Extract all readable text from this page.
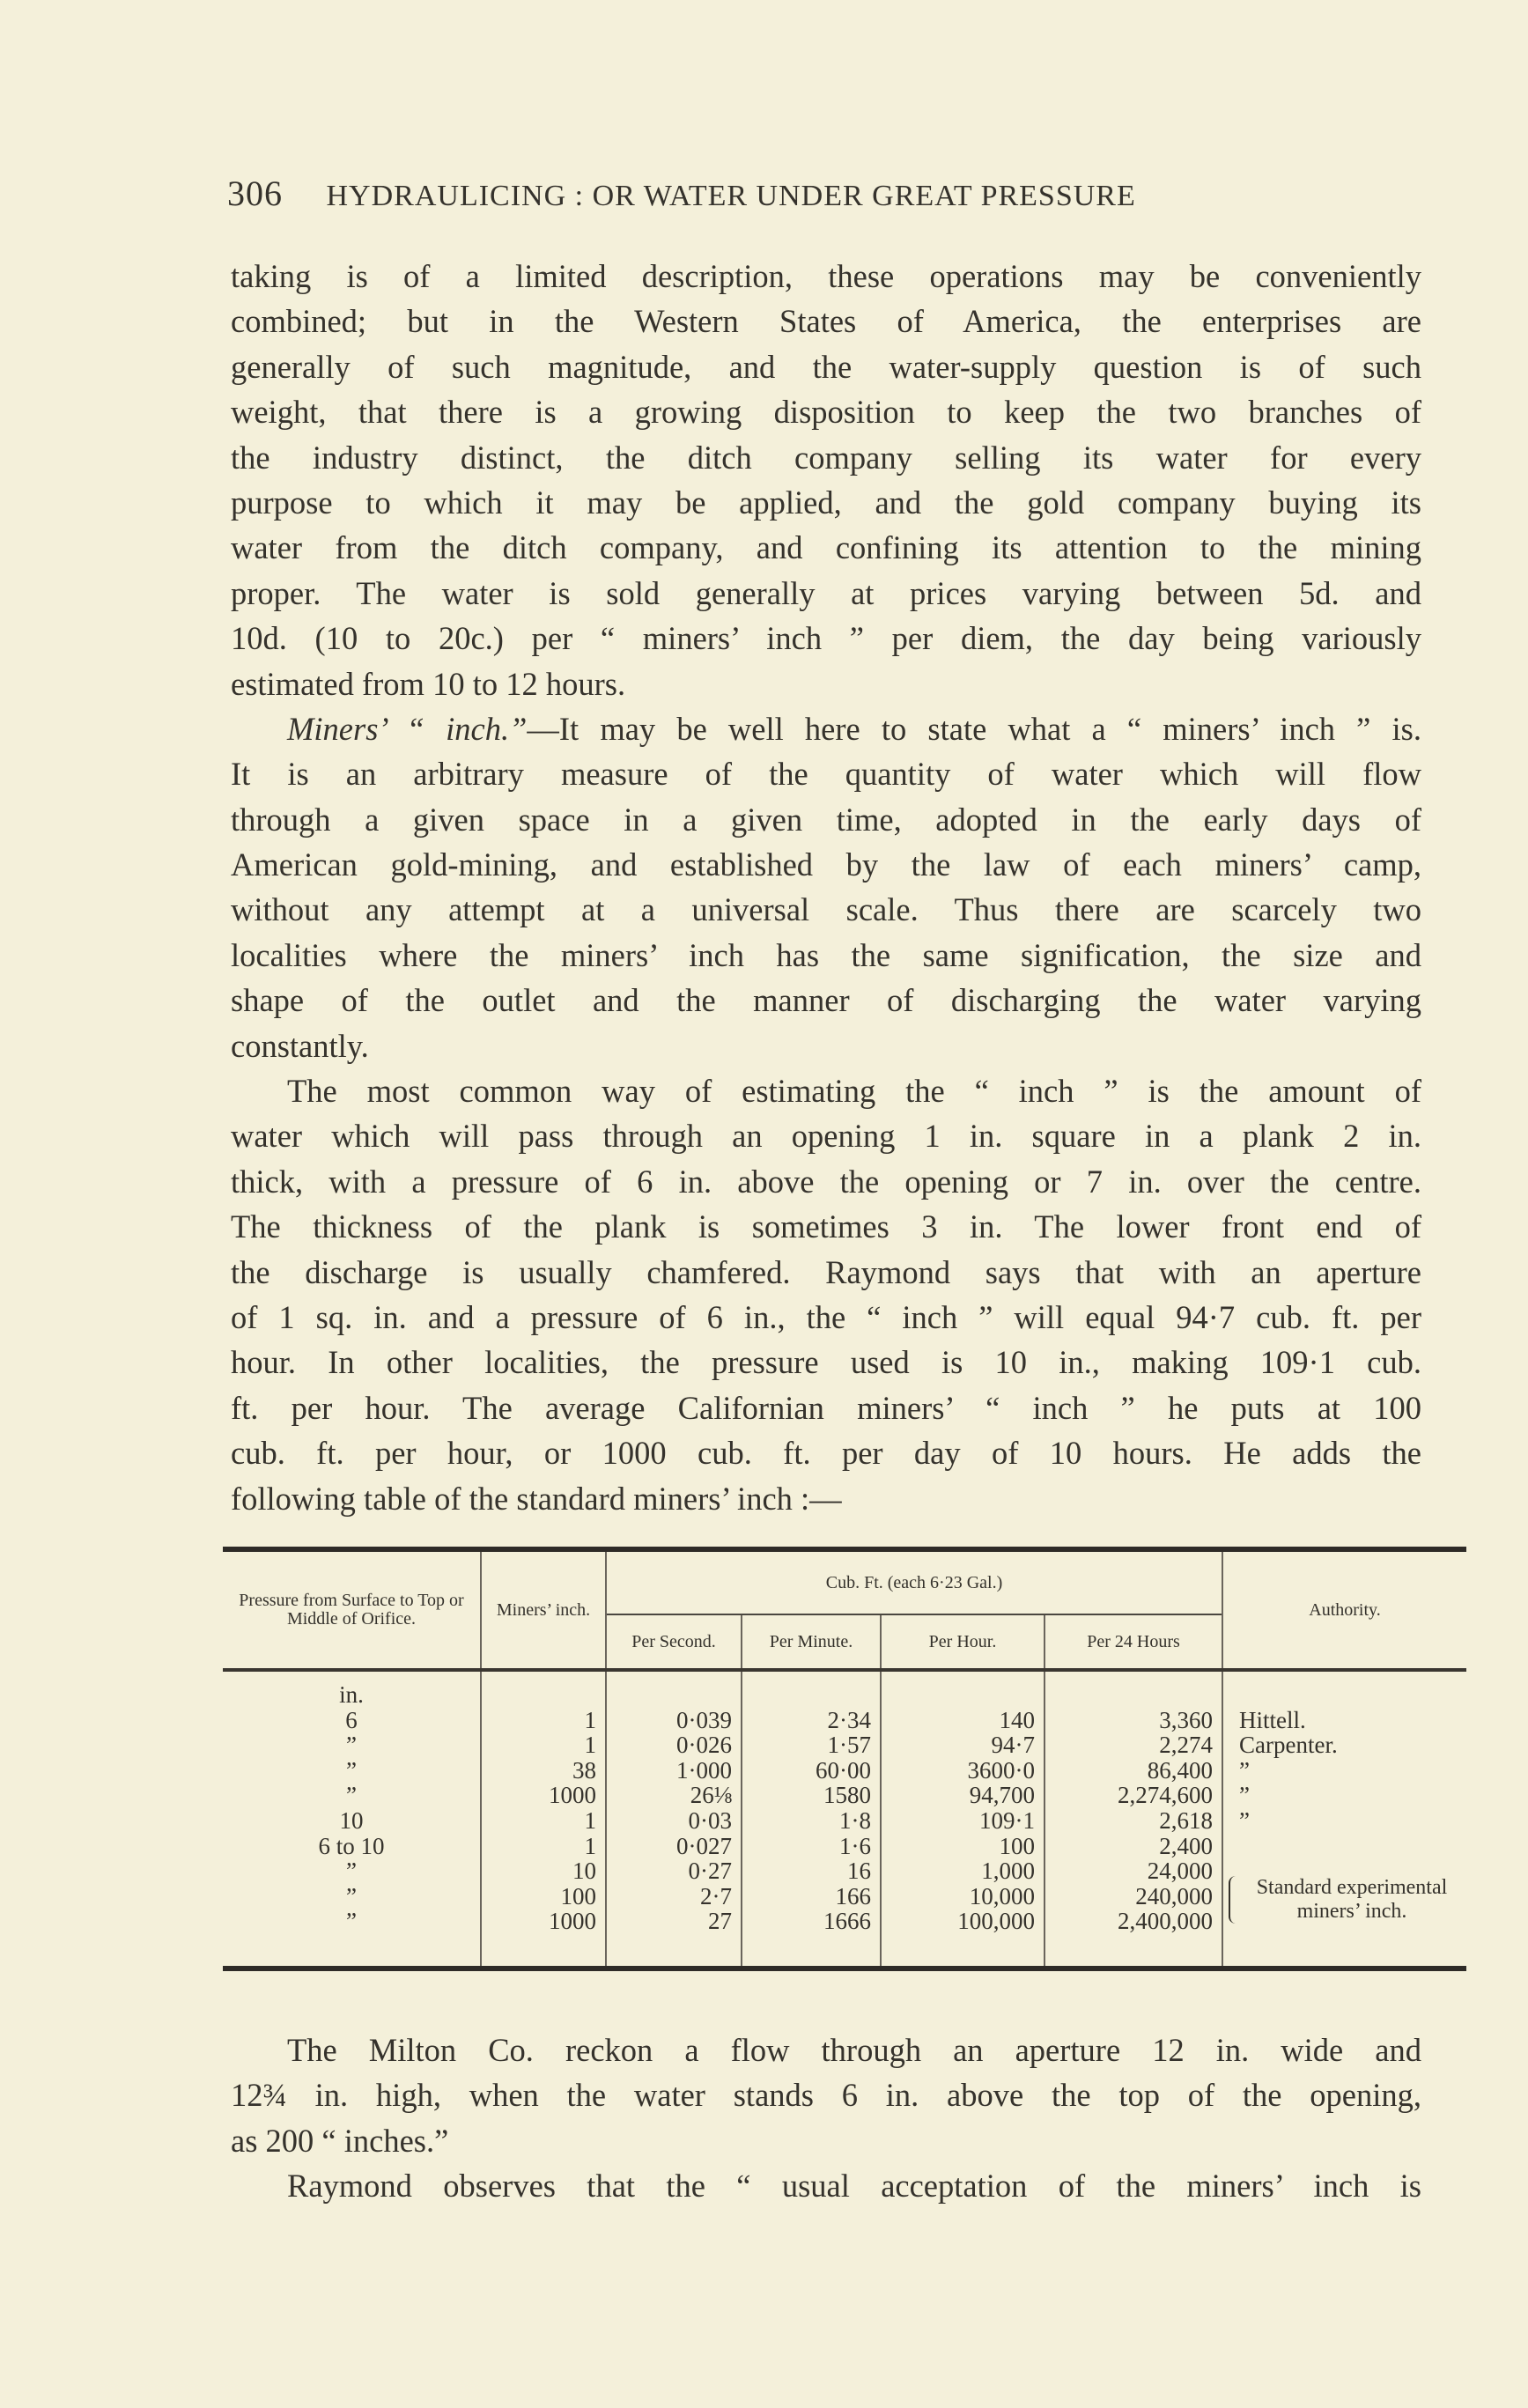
306 HYDRAULICING : OR WATER UNDER GREAT PRESSURE
taking is of a limited description, these operations may be conveniently
combined; but in the Western States of America, the enterprises are
generally of such magnitude, and the water-supply question is of such
weight, that there is a growing disposition to keep the two branches of
the industry distinct, the ditch company selling its water for every
purpose to which it may be applied, and the gold company buying its
water from the ditch company, and confining its attention to the mining
proper. The water is sold generally at prices varying between 5d. and
10d. (10 to 20c.) per “ miners’ inch ” per diem, the day being variously
estimated from 10 to 12 hours.
Miners’ “ inch.”—It may be well here to state what a “ miners’ inch ” is.
It is an arbitrary measure of the quantity of water which will flow
through a given space in a given time, adopted in the early days of
American gold-mining, and established by the law of each miners’ camp,
without any attempt at a universal scale. Thus there are scarcely two
localities where the miners’ inch has the same signification, the size and
shape of the outlet and the manner of discharging the water varying
constantly.
The most common way of estimating the “ inch ” is the amount of
water which will pass through an opening 1 in. square in a plank 2 in.
thick, with a pressure of 6 in. above the opening or 7 in. over the centre.
The thickness of the plank is sometimes 3 in. The lower front end of
the discharge is usually chamfered. Raymond says that with an aperture
of 1 sq. in. and a pressure of 6 in., the “ inch ” will equal 94·7 cub. ft. per
hour. In other localities, the pressure used is 10 in., making 109·1 cub.
ft. per hour. The average Californian miners’ “ inch ” he puts at 100
cub. ft. per hour, or 1000 cub. ft. per day of 10 hours. He adds the
following table of the standard miners’ inch :—
Pressure from Surface to Top or Middle of Orifice.	Miners’ inch.	Cub. Ft. (each 6·23 Gal.)				Authority.
		Per Second.	Per Minute.	Per Hour.	Per 24 Hours	
in.						
6	1	0·039	2·34	140	3,360	Hittell.
”	1	0·026	1·57	94·7	2,274	Carpenter.
”	38	1·000	60·00	3600·0	86,400	”
”	1000	26⅛	1580	94,700	2,274,600	”
10	1	0·03	1·8	109·1	2,618	”
6 to 10	1	0·027	1·6	100	2,400	Standard experimental miners’ inch.

”	10	0·27	16	1,000	24,000	
”	100	2·7	166	10,000	240,000	
”	1000	27	1666	100,000	2,400,000	
The Milton Co. reckon a flow through an aperture 12 in. wide and
12¾ in. high, when the water stands 6 in. above the top of the opening,
as 200 “ inches.”
Raymond observes that the “ usual acceptation of the miners’ inch is
